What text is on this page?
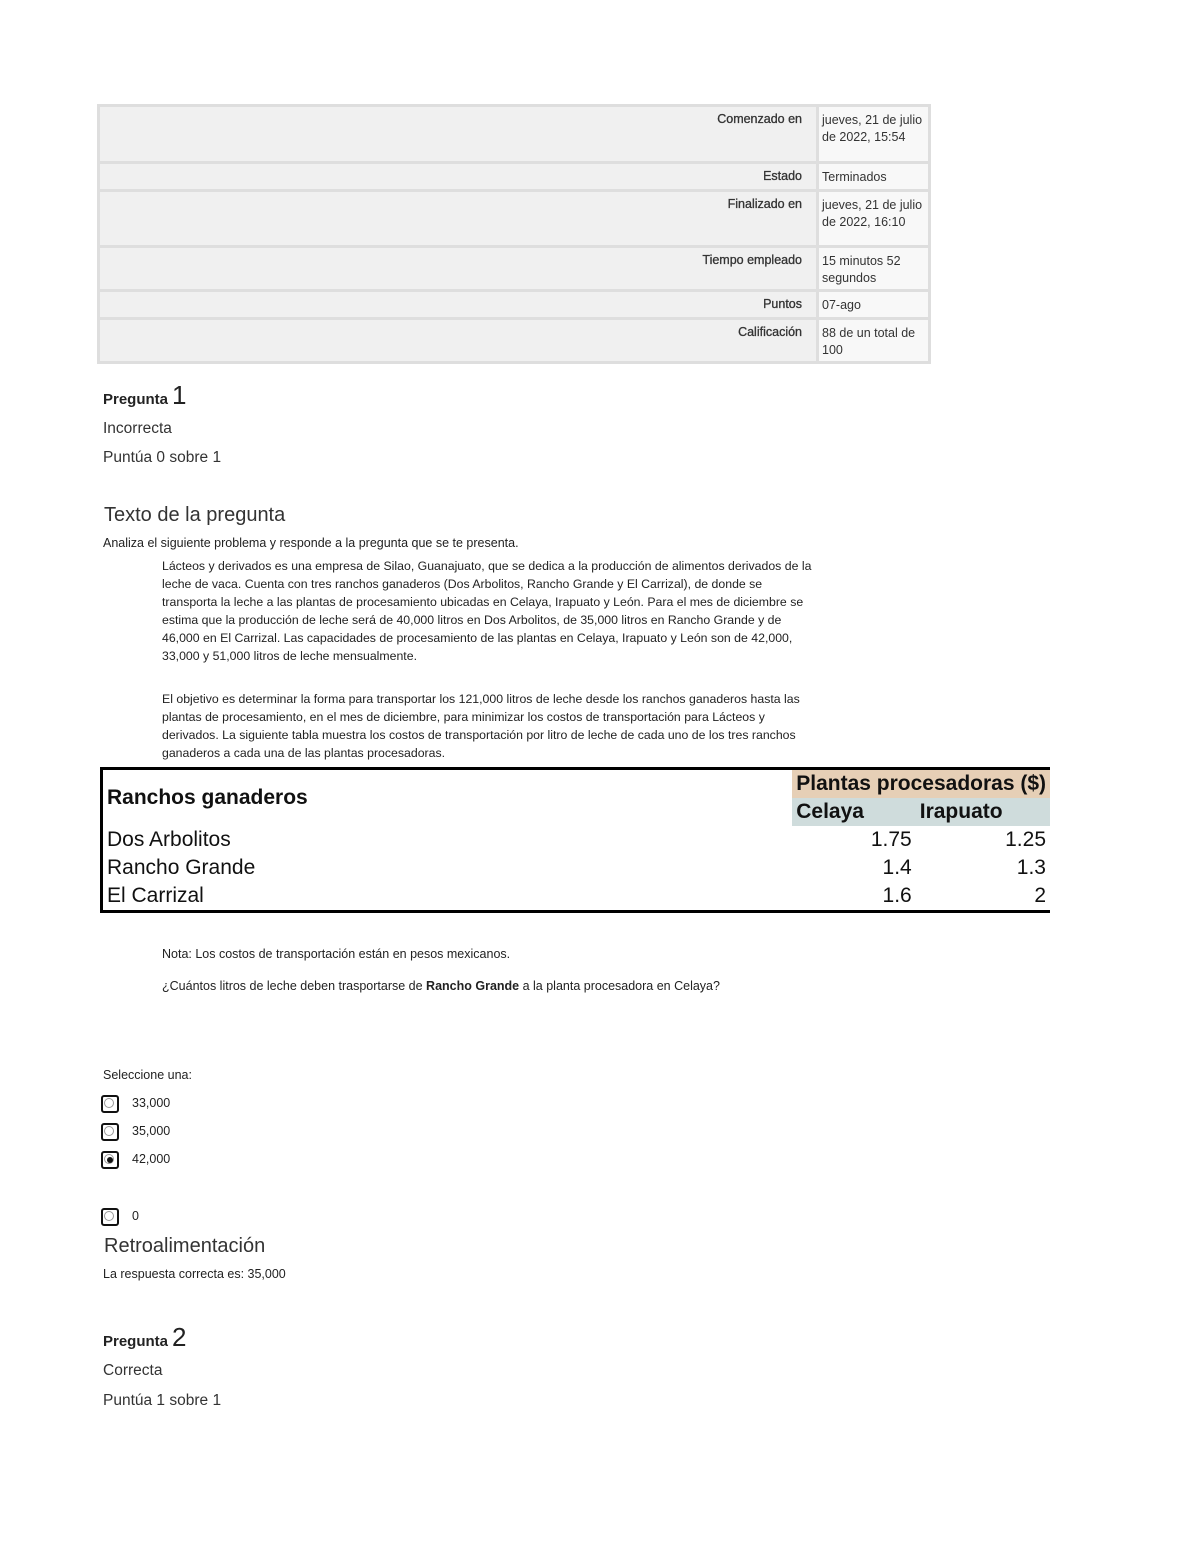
Comenzado en	jueves, 21 de julio de 2022, 15:54
Estado	Terminados
Finalizado en	jueves, 21 de julio de 2022, 16:10
Tiempo empleado	15 minutos 52 segundos
Puntos	07-ago
Calificación	88 de un total de 100
Pregunta 1
Incorrecta
Puntúa 0 sobre 1
Texto de la pregunta
Analiza el siguiente problema y responde a la pregunta que se te presenta.

Lácteos y derivados es una empresa de Silao, Guanajuato, que se dedica a la producción de alimentos derivados de la leche de vaca. Cuenta con tres ranchos ganaderos (Dos Arbolitos, Rancho Grande y El Carrizal), de donde se transporta la leche a las plantas de procesamiento ubicadas en Celaya, Irapuato y León. Para el mes de diciembre se estima que la producción de leche será de 40,000 litros en Dos Arbolitos, de 35,000 litros en Rancho Grande y de 46,000 en El Carrizal. Las capacidades de procesamiento de las plantas en Celaya, Irapuato y León son de 42,000, 33,000 y 51,000 litros de leche mensualmente.

El objetivo es determinar la forma para transportar los 121,000 litros de leche desde los ranchos ganaderos hasta las plantas de procesamiento, en el mes de diciembre, para minimizar los costos de transportación para Lácteos y derivados. La siguiente tabla muestra los costos de transportación por litro de leche de cada uno de los tres ranchos ganaderos a cada una de las plantas procesadoras.

Ranchos ganaderos	Plantas procesadoras ($)	
	Celaya	Irapuato
Dos Arbolitos	1.75	1.25
Rancho Grande	1.4	1.3
El Carrizal	1.6	2
Nota: Los costos de transportación están en pesos mexicanos.
¿Cuántos litros de leche deben trasportarse de Rancho Grande a la planta procesadora en Celaya?
Seleccione una:
33,000
35,000
42,000
0
Retroalimentación
La respuesta correcta es: 35,000
Pregunta 2
Correcta
Puntúa 1 sobre 1
